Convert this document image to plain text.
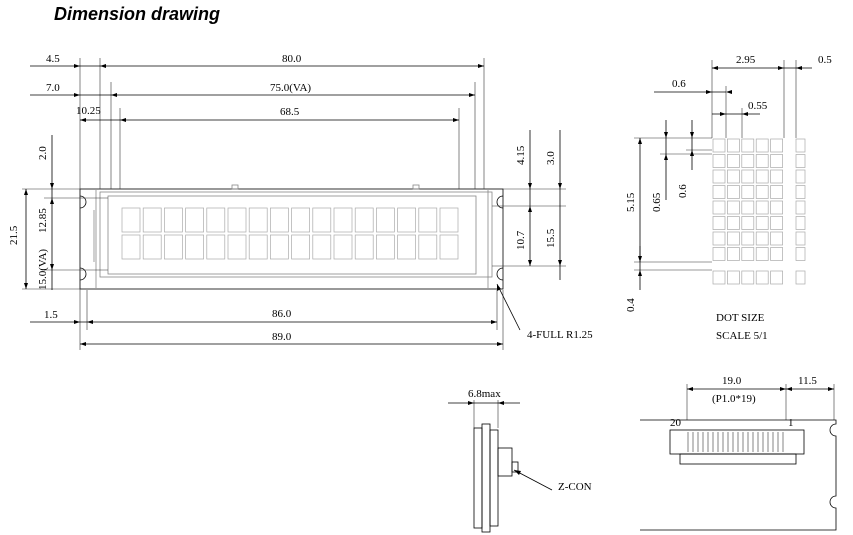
Dimension drawing
4.5	80.0
7.0	75.0(VA)
10.25	68.5
2.0
21.5
12.85
15.0(VA)
4.15 3.0
10.7 15.5
1.5	86.0
89.0	4-FULL R1.25
2.95	0.5
0.6
0.55
5.15 0.65
0.6
0.4
DOT SIZE
SCALE 5/1
6.8max
Z-CON
19.0	11.5
(P1.0*19)
20	1
